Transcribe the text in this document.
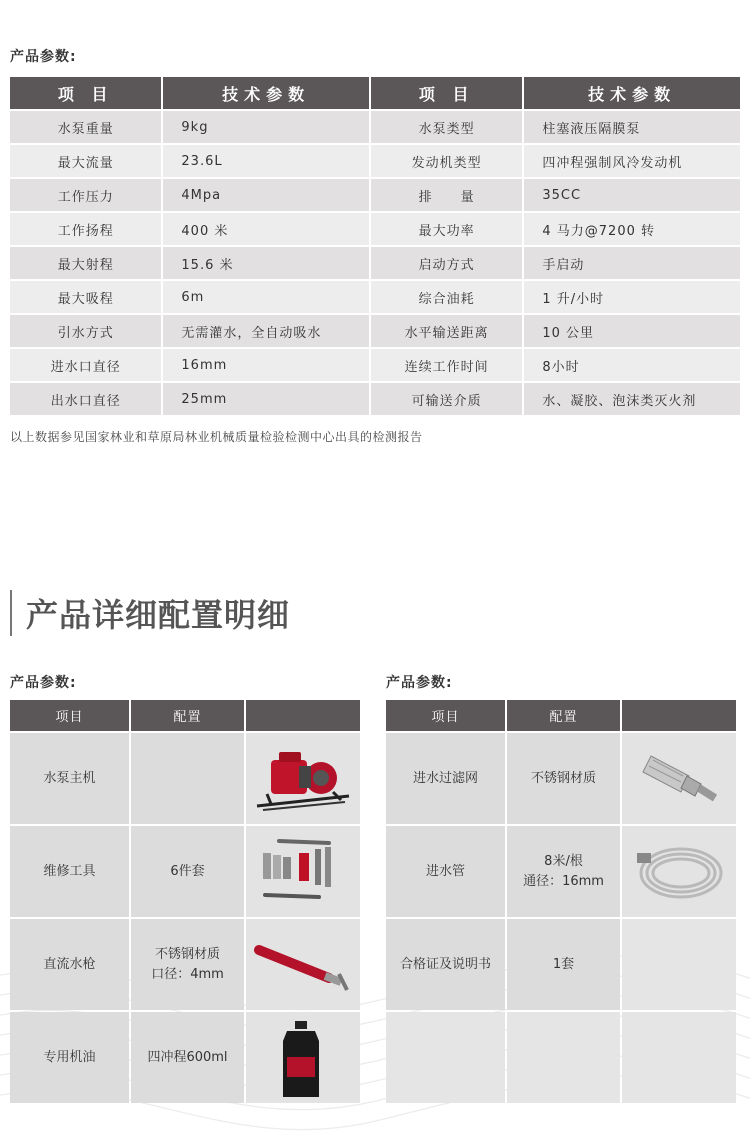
产品参数:
项 目	技术参数	项 目	技术参数
水泵重量	9kg	水泵类型	柱塞液压隔膜泵
最大流量	23.6L	发动机类型	四冲程强制风冷发动机
工作压力	4Mpa	排　　量	35CC
工作扬程	400 米	最大功率	4 马力@7200 转
最大射程	15.6 米	启动方式	手启动
最大吸程	6m	综合油耗	1 升/小时
引水方式	无需灌水，全自动吸水	水平输送距离	10 公里
进水口直径	16mm	连续工作时间	8小时
出水口直径	25mm	可输送介质	水、凝胶、泡沫类灭火剂
以上数据参见国家林业和草原局林业机械质量检验检测中心出具的检测报告
产品详细配置明细
产品参数:
项目	配置	
水泵主机	

维修工具	6件套

直流水枪	不锈钢材质
口径：4mm

专用机油	四冲程600ml

产品参数:
项目	配置	
进水过滤网	不锈钢材质

进水管	8米/根
通径：16mm

合格证及说明书	1套	
